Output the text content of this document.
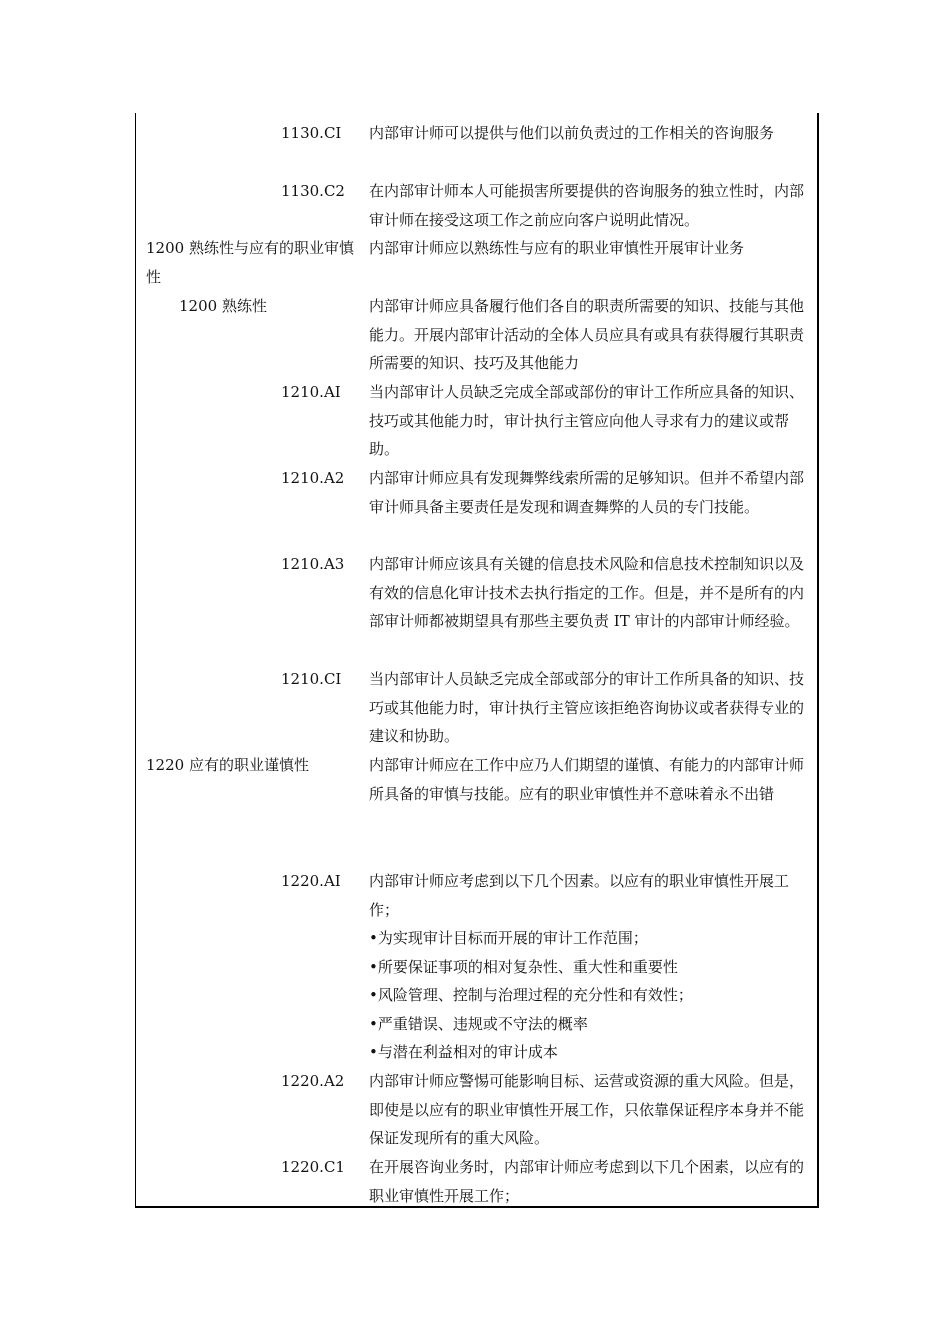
1130.CI 内部审计师可以提供与他们以前负责过的工作相关的咨询服务
1130.C2 在内部审计师本人可能损害所要提供的咨询服务的独立性时，内部审计师在接受这项工作之前应向客户说明此情况。
1200 熟练性与应有的职业审慎性
内部审计师应以熟练性与应有的职业审慎性开展审计业务
1200 熟练性	内部审计师应具备履行他们各自的职责所需要的知识、技能与其他能力。开展内部审计活动的全体人员应具有或具有获得履行其职责所需要的知识、技巧及其他能力
1210.AI 当内部审计人员缺乏完成全部或部份的审计工作所应具备的知识、技巧或其他能力时，审计执行主管应向他人寻求有力的建议或帮助。
1210.A2 内部审计师应具有发现舞弊线索所需的足够知识。但并不希望内部审计师具备主要责任是发现和调查舞弊的人员的专门技能。
1210.A3 内部审计师应该具有关键的信息技术风险和信息技术控制知识以及有效的信息化审计技术去执行指定的工作。但是，并不是所有的内部审计师都被期望具有那些主要负责 IT 审计的内部审计师经验。
1210.CI 当内部审计人员缺乏完成全部或部分的审计工作所具备的知识、技巧或其他能力时，审计执行主管应该拒绝咨询协议或者获得专业的建议和协助。
1220 应有的职业谨慎性	内部审计师应在工作中应乃人们期望的谨慎、有能力的内部审计师所具备的审慎与技能。应有的职业审慎性并不意味着永不出错
1220.AI 内部审计师应考虑到以下几个因素。以应有的职业审慎性开展工作；
•为实现审计目标而开展的审计工作范围；
•所要保证事项的相对复杂性、重大性和重要性
•风险管理、控制与治理过程的充分性和有效性；
•严重错误、违规或不守法的概率
•与潜在利益相对的审计成本
1220.A2 内部审计师应警惕可能影响目标、运营或资源的重大风险。但是，即使是以应有的职业审慎性开展工作，只依靠保证程序本身并不能保证发现所有的重大风险。
1220.C1 在开展咨询业务时，内部审计师应考虑到以下几个困素，以应有的职业审慎性开展工作；
